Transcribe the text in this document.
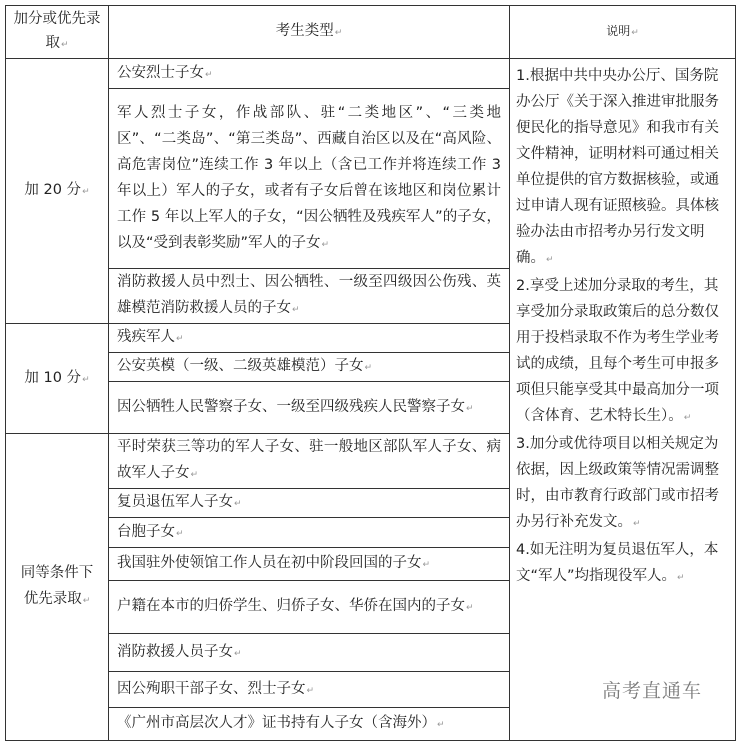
加分或优先录取 ↵	考生类型 ↵	说明 ↵
加 20 分 ↵	公安烈士子女 ↵	1.根据中共中央办公厅、国务院办公厅《关于深入推进审批服务便民化的指导意见》和我市有关文件精神，证明材料可通过相关单位提供的官方数据核验，或通过申请人现有证照核验。具体核验办法由市招考办另行发文明确。 ↵
2.享受上述加分录取的考生，其享受加分录取政策后的总分数仅用于投档录取不作为考生学业考试的成绩，且每个考生可申报多项但只能享受其中最高加分一项（含体育、艺术特长生）。 ↵
3.加分或优待项目以相关规定为依据，因上级政策等情况需调整时，由市教育行政部门或市招考办另行补充发文。 ↵
4.如无注明为复员退伍军人，本文“军人”均指现役军人。 ↵

	军人烈士子女，作战部队、驻“二类地区”、“三类地区”、“二类岛”、“第三类岛”、西藏自治区以及在“高风险、高危害岗位”连续工作 3 年以上（含已工作并将连续工作 3 年以上）军人的子女，或者有子女后曾在该地区和岗位累计工作 5 年以上军人的子女，“因公牺牲及残疾军人”的子女，以及“受到表彰奖励”军人的子女 ↵
	消防救援人员中烈士、因公牺牲、一级至四级因公伤残、英雄模范消防救援人员的子女 ↵
加 10 分 ↵	残疾军人 ↵
	公安英模（一级、二级英雄模范）子女 ↵
	因公牺牲人民警察子女、一级至四级残疾人民警察子女 ↵
同等条件下优先录取 ↵	平时荣获三等功的军人子女、驻一般地区部队军人子女、病故军人子女 ↵
	复员退伍军人子女 ↵
	台胞子女 ↵
	我国驻外使领馆工作人员在初中阶段回国的子女 ↵
	户籍在本市的归侨学生、归侨子女、华侨在国内的子女 ↵
	消防救援人员子女 ↵
	因公殉职干部子女、烈士子女 ↵
	《广州市高层次人才》证书持有人子女（含海外） ↵
高考直通车
